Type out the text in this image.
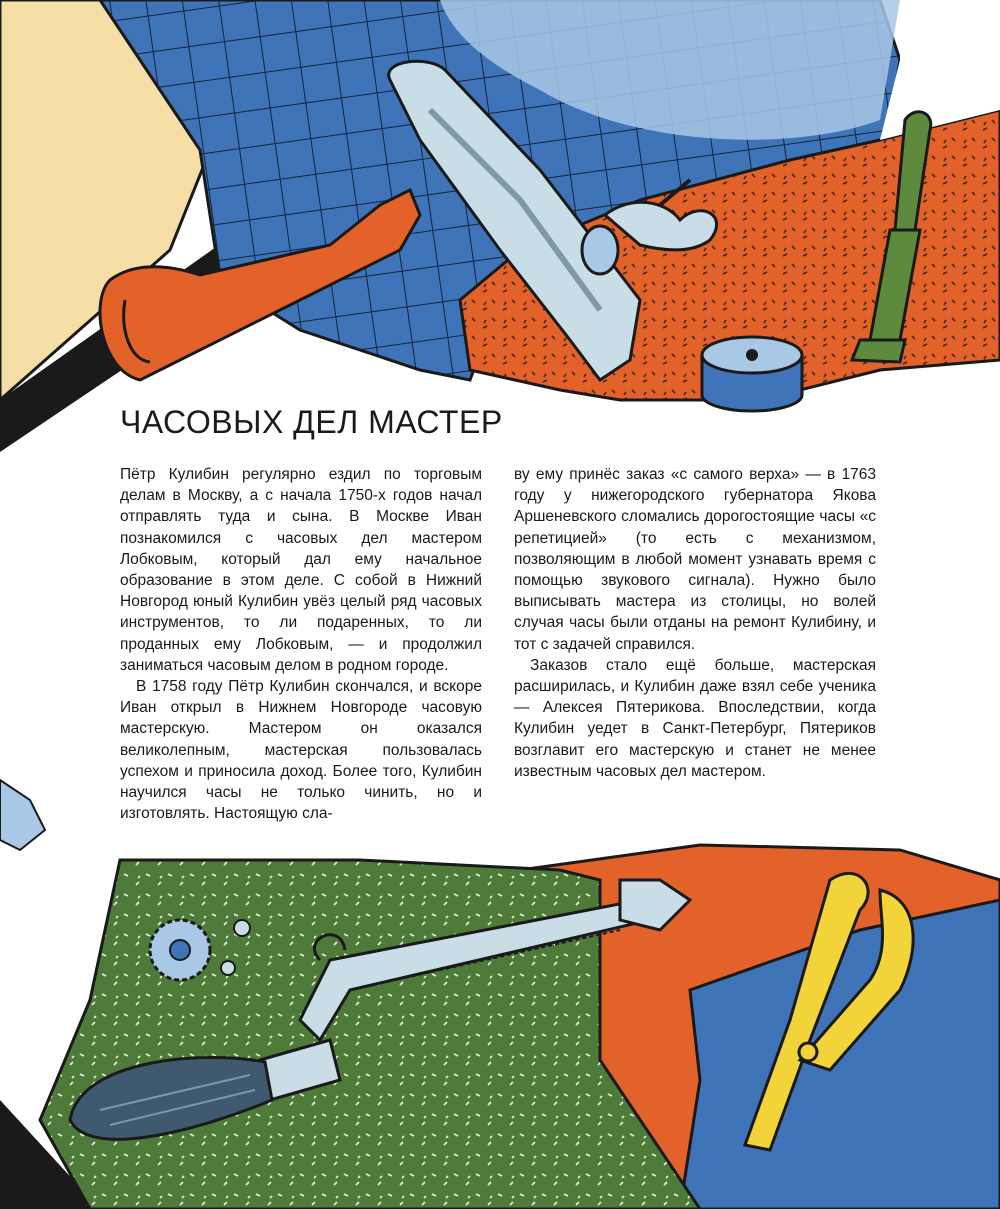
ЧАСОВЫХ ДЕЛ МАСТЕР

Пётр Кулибин регулярно ездил по торговым делам в Москву, а с начала 1750-х годов начал отправлять туда и сына. В Москве Иван познакомился с часовых дел мастером Лобковым, который дал ему начальное образование в этом деле. С собой в Нижний Новгород юный Кулибин увёз целый ряд часовых инструментов, то ли подаренных, то ли проданных ему Лобковым, — и продолжил заниматься часовым делом в родном городе.

В 1758 году Пётр Кулибин скончался, и вскоре Иван открыл в Нижнем Новгороде часовую мастерскую. Мастером он оказался великолепным, мастерская пользовалась успехом и приносила доход. Более того, Кулибин научился часы не только чинить, но и изготовлять. Настоящую сла-

ву ему принёс заказ «с самого верха» — в 1763 году у нижегородского губернатора Якова Аршеневского сломались дорогостоящие часы «с репетицией» (то есть с механизмом, позволяющим в любой момент узнавать время с помощью звукового сигнала). Нужно было выписывать мастера из столицы, но волей случая часы были отданы на ремонт Кулибину, и тот с задачей справился.

Заказов стало ещё больше, мастерская расширилась, и Кулибин даже взял себе ученика — Алексея Пятерикова. Впоследствии, когда Кулибин уедет в Санкт-Петербург, Пятериков возглавит его мастерскую и станет не менее известным часовых дел мастером.
